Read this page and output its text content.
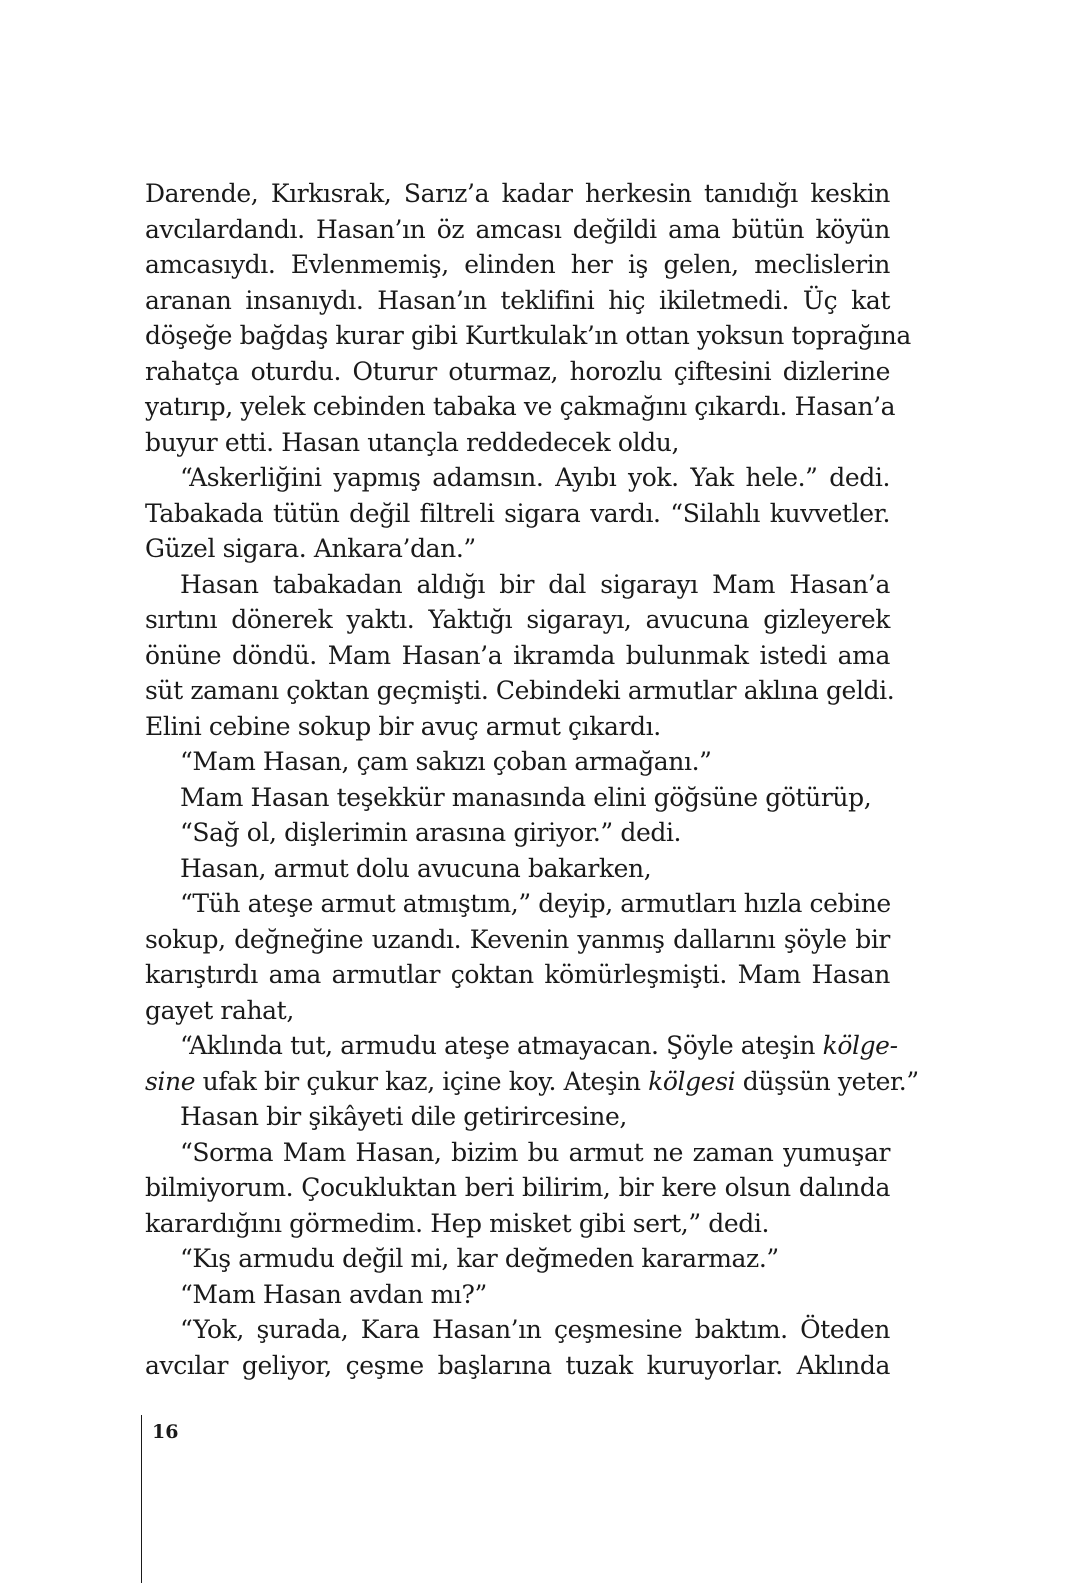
Darende, Kırkısrak, Sarız’a kadar herkesin tanıdığı keskin
avcılardandı. Hasan’ın öz amcası değildi ama bütün köyün
amcasıydı. Evlenmemiş, elinden her iş gelen, meclislerin
aranan insanıydı. Hasan’ın teklifini hiç ikiletmedi. Üç kat
döşeğe bağdaş kurar gibi Kurtkulak’ın ottan yoksun toprağına
rahatça oturdu. Oturur oturmaz, horozlu çiftesini dizlerine
yatırıp, yelek cebinden tabaka ve çakmağını çıkardı. Hasan’a
buyur etti. Hasan utançla reddedecek oldu,
“Askerliğini yapmış adamsın. Ayıbı yok. Yak hele.” dedi.
Tabakada tütün değil filtreli sigara vardı. “Silahlı kuvvetler.
Güzel sigara. Ankara’dan.”
Hasan tabakadan aldığı bir dal sigarayı Mam Hasan’a
sırtını dönerek yaktı. Yaktığı sigarayı, avucuna gizleyerek
önüne döndü. Mam Hasan’a ikramda bulunmak istedi ama
süt zamanı çoktan geçmişti. Cebindeki armutlar aklına geldi.
Elini cebine sokup bir avuç armut çıkardı.
“Mam Hasan, çam sakızı çoban armağanı.”
Mam Hasan teşekkür manasında elini göğsüne götürüp,
“Sağ ol, dişlerimin arasına giriyor.” dedi.
Hasan, armut dolu avucuna bakarken,
“Tüh ateşe armut atmıştım,” deyip, armutları hızla cebine
sokup, değneğine uzandı. Kevenin yanmış dallarını şöyle bir
karıştırdı ama armutlar çoktan kömürleşmişti. Mam Hasan
gayet rahat,
“Aklında tut, armudu ateşe atmayacan. Şöyle ateşin kölge-
sine ufak bir çukur kaz, içine koy. Ateşin kölgesi düşsün yeter.”
Hasan bir şikâyeti dile getirircesine,
“Sorma Mam Hasan, bizim bu armut ne zaman yumuşar
bilmiyorum. Çocukluktan beri bilirim, bir kere olsun dalında
karardığını görmedim. Hep misket gibi sert,” dedi.
“Kış armudu değil mi, kar değmeden kararmaz.”
“Mam Hasan avdan mı?”
“Yok, şurada, Kara Hasan’ın çeşmesine baktım. Öteden
avcılar geliyor, çeşme başlarına tuzak kuruyorlar. Aklında
16
